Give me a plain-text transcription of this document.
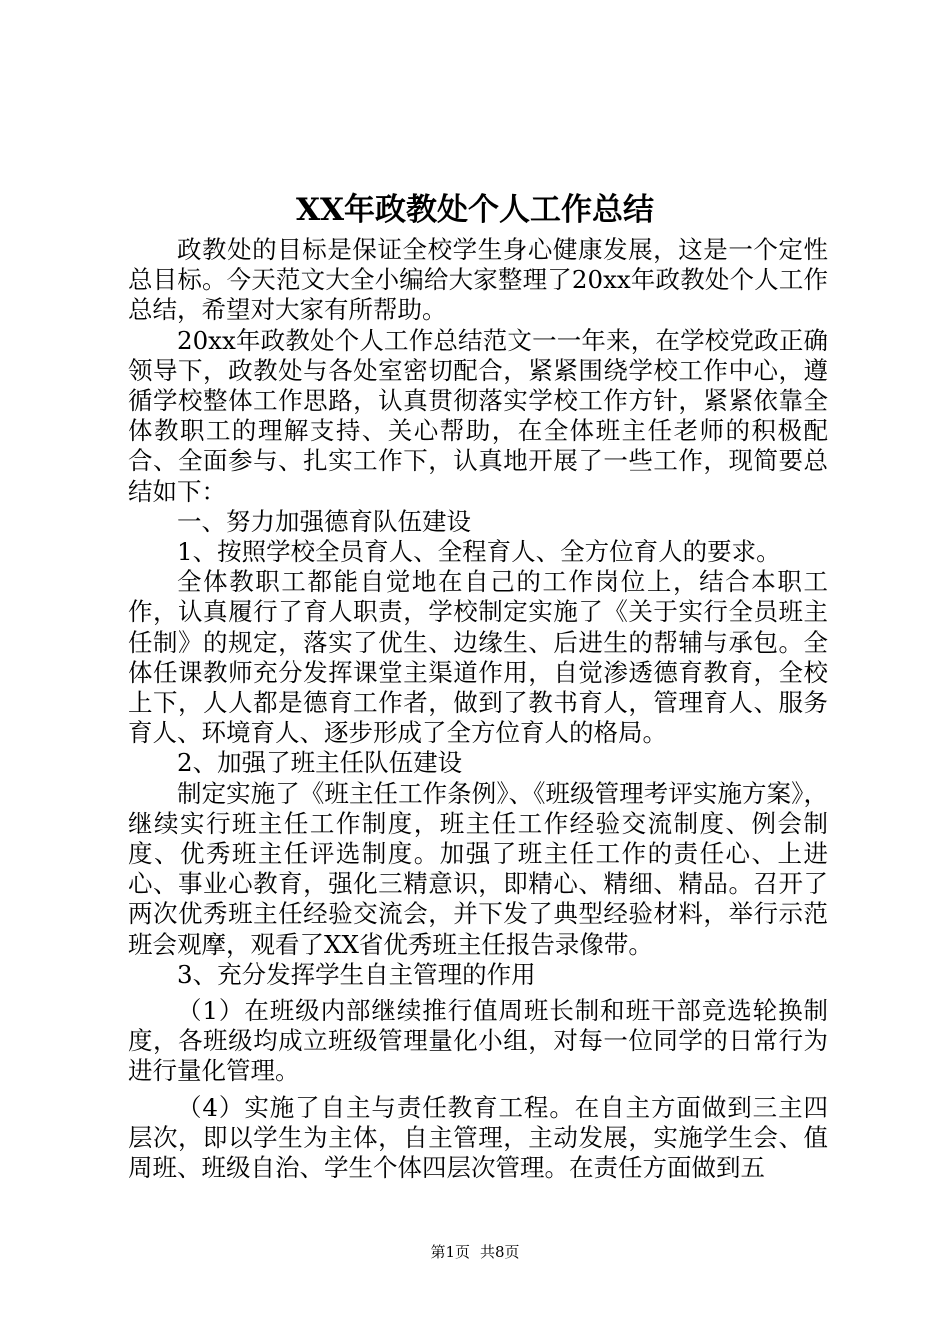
XX年政教处个人工作总结

政教处的目标是保证全校学生身心健康发展，这是一个定性总目标。今天范文大全小编给大家整理了20xx年政教处个人工作总结，希望对大家有所帮助。

20xx年政教处个人工作总结范文一一年来，在学校党政正确领导下，政教处与各处室密切配合，紧紧围绕学校工作中心，遵循学校整体工作思路，认真贯彻落实学校工作方针，紧紧依靠全体教职工的理解支持、关心帮助，在全体班主任老师的积极配合、全面参与、扎实工作下，认真地开展了一些工作，现简要总结如下：

一、努力加强德育队伍建设

1、按照学校全员育人、全程育人、全方位育人的要求。

全体教职工都能自觉地在自己的工作岗位上，结合本职工作，认真履行了育人职责，学校制定实施了《关于实行全员班主任制》的规定，落实了优生、边缘生、后进生的帮辅与承包。全体任课教师充分发挥课堂主渠道作用，自觉渗透德育教育，全校上下，人人都是德育工作者，做到了教书育人，管理育人、服务育人、环境育人、逐步形成了全方位育人的格局。

2、加强了班主任队伍建设

制定实施了《班主任工作条例》、《班级管理考评实施方案》，继续实行班主任工作制度，班主任工作经验交流制度、例会制度、优秀班主任评选制度。加强了班主任工作的责任心、上进心、事业心教育，强化三精意识，即精心、精细、精品。召开了两次优秀班主任经验交流会，并下发了典型经验材料，举行示范班会观摩，观看了XX省优秀班主任报告录像带。

3、充分发挥学生自主管理的作用

（1）在班级内部继续推行值周班长制和班干部竞选轮换制度，各班级均成立班级管理量化小组，对每一位同学的日常行为进行量化管理。

（4）实施了自主与责任教育工程。在自主方面做到三主四层次，即以学生为主体，自主管理，主动发展，实施学生会、值周班、班级自治、学生个体四层次管理。在责任方面做到五

第1页 共8页
